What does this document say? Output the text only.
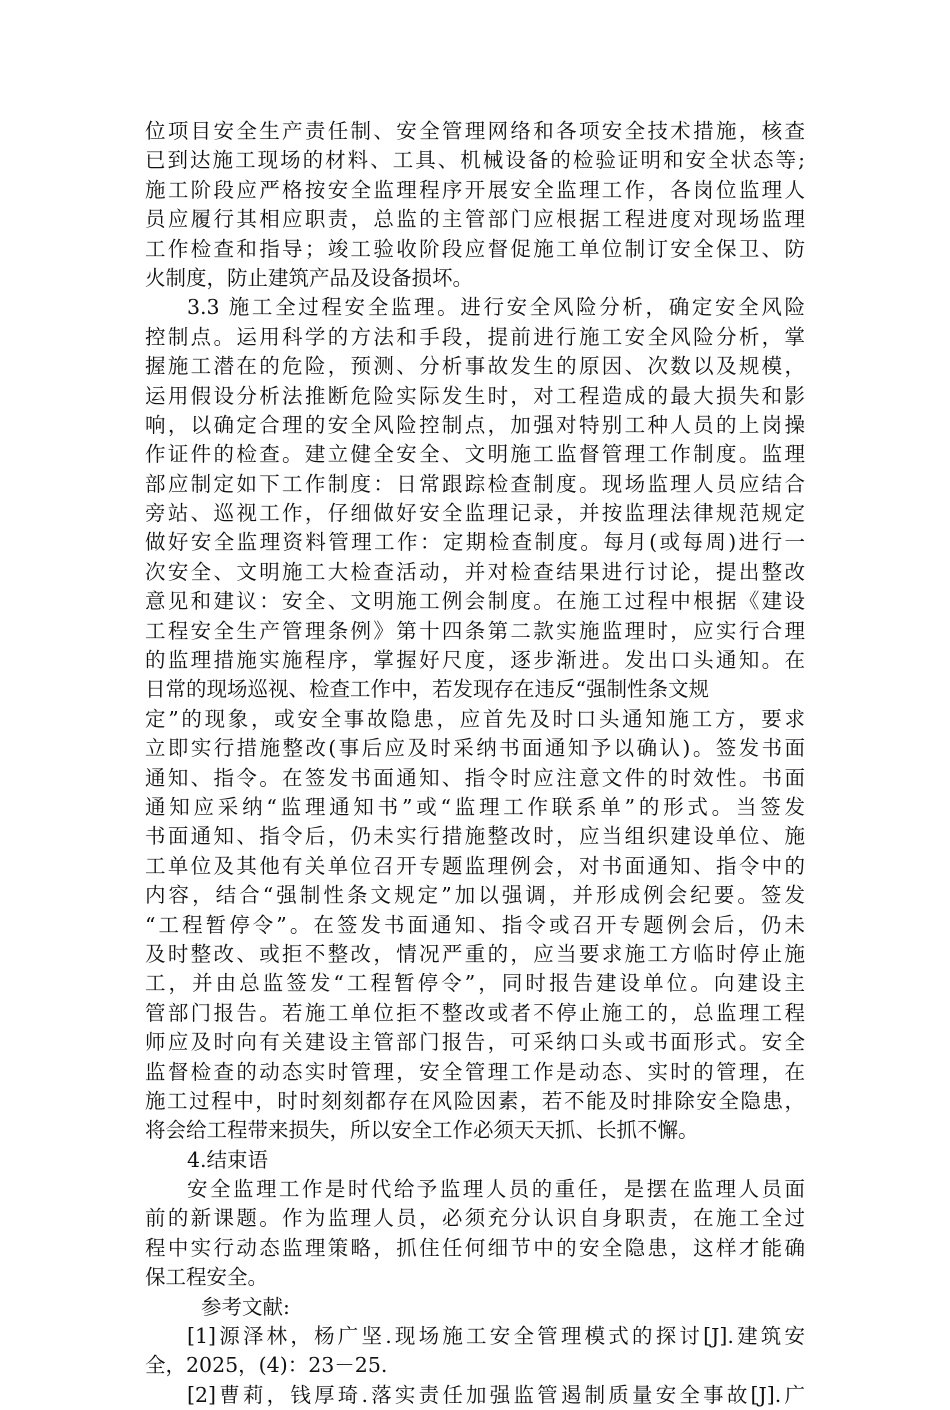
位项目安全生产责任制、安全管理网络和各项安全技术措施，核查
已到达施工现场的材料、工具、机械设备的检验证明和安全状态等;
施工阶段应严格按安全监理程序开展安全监理工作，各岗位监理人
员应履行其相应职责，总监的主管部门应根据工程进度对现场监理
工作检查和指导；竣工验收阶段应督促施工单位制订安全保卫、防
火制度，防止建筑产品及设备损坏。
3.3 施工全过程安全监理。进行安全风险分析，确定安全风险
控制点。运用科学的方法和手段，提前进行施工安全风险分析，掌
握施工潜在的危险，预测、分析事故发生的原因、次数以及规模，
运用假设分析法推断危险实际发生时，对工程造成的最大损失和影
响，以确定合理的安全风险控制点，加强对特别工种人员的上岗操
作证件的检查。建立健全安全、文明施工监督管理工作制度。监理
部应制定如下工作制度：日常跟踪检查制度。现场监理人员应结合
旁站、巡视工作，仔细做好安全监理记录，并按监理法律规范规定
做好安全监理资料管理工作：定期检查制度。每月(或每周)进行一
次安全、文明施工大检查活动，并对检查结果进行讨论，提出整改
意见和建议：安全、文明施工例会制度。在施工过程中根据《建设
工程安全生产管理条例》第十四条第二款实施监理时，应实行合理
的监理措施实施程序，掌握好尺度，逐步渐进。发出口头通知。在
日常的现场巡视、检查工作中，若发现存在违反“强制性条文规
定”的现象，或安全事故隐患，应首先及时口头通知施工方，要求
立即实行措施整改(事后应及时采纳书面通知予以确认)。签发书面
通知、指令。在签发书面通知、指令时应注意文件的时效性。书面
通知应采纳“监理通知书”或“监理工作联系单”的形式。当签发
书面通知、指令后，仍未实行措施整改时，应当组织建设单位、施
工单位及其他有关单位召开专题监理例会，对书面通知、指令中的
内容，结合“强制性条文规定”加以强调，并形成例会纪要。签发
“工程暂停令”。在签发书面通知、指令或召开专题例会后，仍未
及时整改、或拒不整改，情况严重的，应当要求施工方临时停止施
工，并由总监签发“工程暂停令”，同时报告建设单位。向建设主
管部门报告。若施工单位拒不整改或者不停止施工的，总监理工程
师应及时向有关建设主管部门报告，可采纳口头或书面形式。安全
监督检查的动态实时管理，安全管理工作是动态、实时的管理，在
施工过程中，时时刻刻都存在风险因素，若不能及时排除安全隐患，
将会给工程带来损失，所以安全工作必须天天抓、长抓不懈。
4.结束语
安全监理工作是时代给予监理人员的重任，是摆在监理人员面
前的新课题。作为监理人员，必须充分认识自身职责，在施工全过
程中实行动态监理策略，抓住任何细节中的安全隐患，这样才能确
保工程安全。
参考文献:
[1]源泽林，杨广坚.现场施工安全管理模式的探讨[J].建筑安
全，2025，(4)：23－25.
[2]曹莉，钱厚琦.落实责任加强监管遏制质量安全事故[J].广
